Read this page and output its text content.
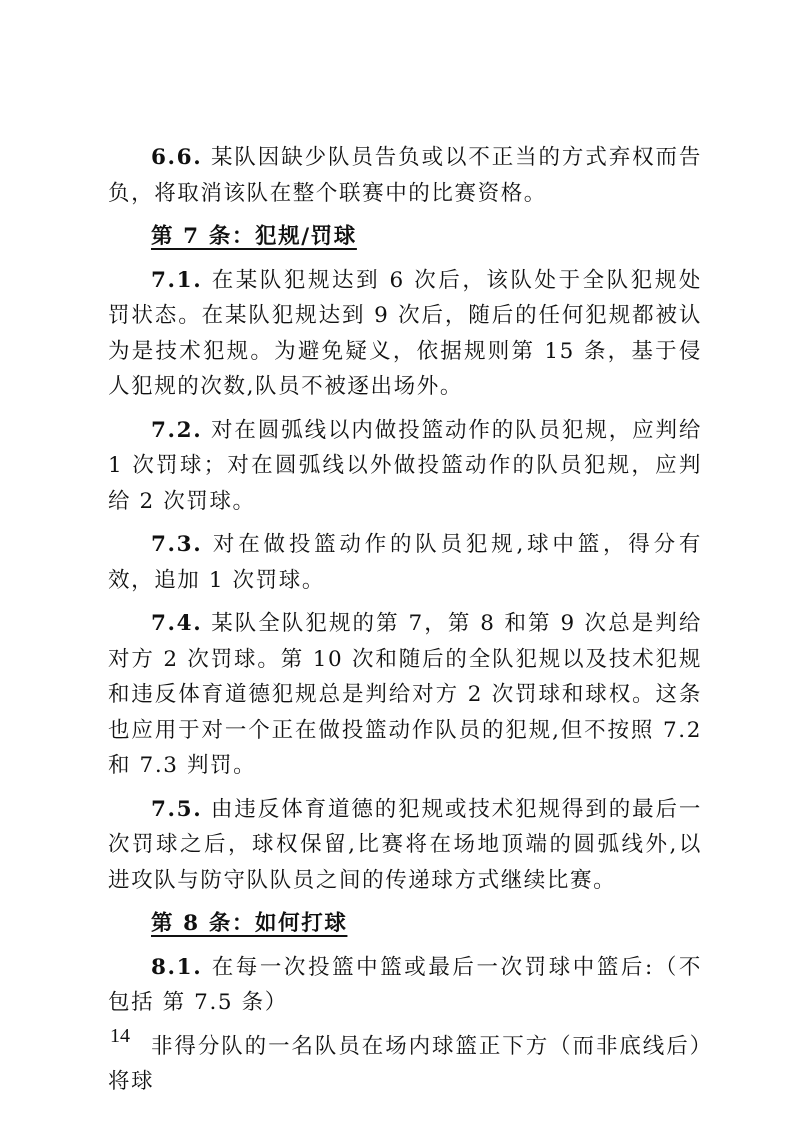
6.6. 某队因缺少队员告负或以不正当的方式弃权而告负，将取消该队在整个联赛中的比赛资格。

第 7 条：犯规/罚球

7.1. 在某队犯规达到 6 次后，该队处于全队犯规处罚状态。在某队犯规达到 9 次后，随后的任何犯规都被认为是技术犯规。为避免疑义，依据规则第 15 条，基于侵人犯规的次数,队员不被逐出场外。

7.2. 对在圆弧线以内做投篮动作的队员犯规，应判给 1 次罚球；对在圆弧线以外做投篮动作的队员犯规，应判给 2 次罚球。

7.3. 对在做投篮动作的队员犯规,球中篮，得分有效，追加 1 次罚球。

7.4. 某队全队犯规的第 7，第 8 和第 9 次总是判给对方 2 次罚球。第 10 次和随后的全队犯规以及技术犯规和违反体育道德犯规总是判给对方 2 次罚球和球权。这条也应用于对一个正在做投篮动作队员的犯规,但不按照 7.2 和 7.3 判罚。

7.5. 由违反体育道德的犯规或技术犯规得到的最后一次罚球之后，球权保留,比赛将在场地顶端的圆弧线外,以进攻队与防守队队员之间的传递球方式继续比赛。

第 8 条：如何打球

8.1. 在每一次投篮中篮或最后一次罚球中篮后:（不包括 第 7.5 条）

非得分队的一名队员在场内球篮正下方（而非底线后）将球

14
